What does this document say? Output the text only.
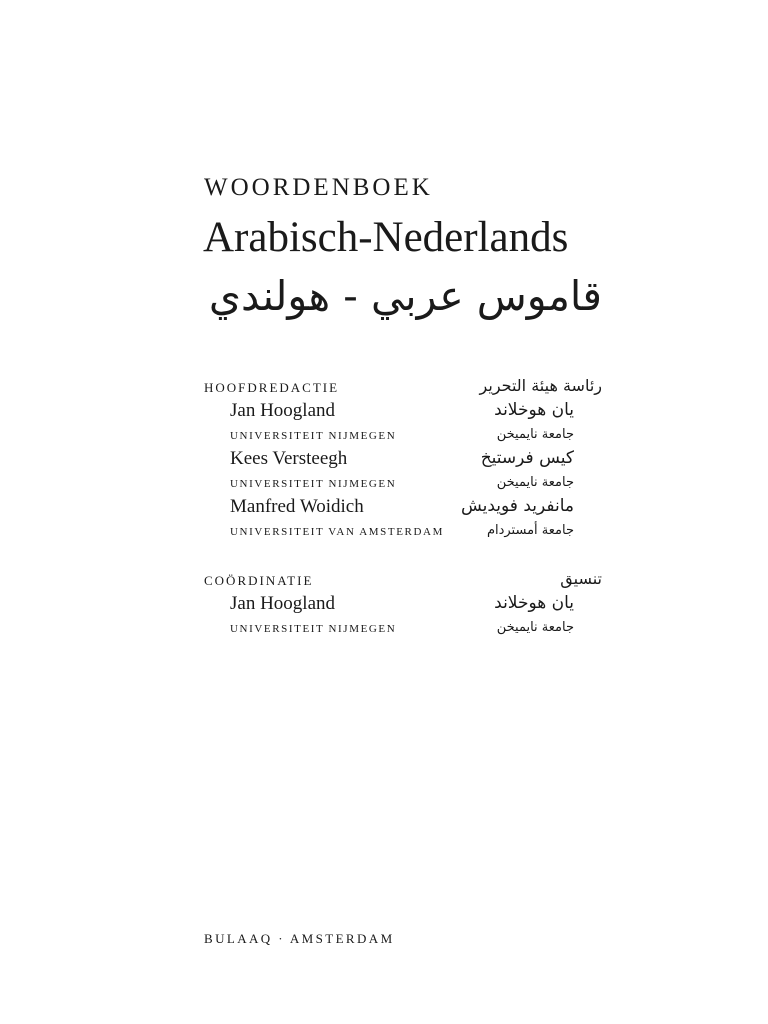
WOORDENBOEK
Arabisch-Nederlands
قاموس عربي - هولندي
HOOFDREDACTIE	رئاسة هيئة التحرير
Jan Hoogland	يان هوخلاند
UNIVERSITEIT NIJMEGEN	جامعة نايميخن
Kees Versteegh	كيس فرستيخ
UNIVERSITEIT NIJMEGEN	جامعة نايميخن
Manfred Woidich	مانفريد فويديش
UNIVERSITEIT VAN AMSTERDAM	جامعة أمستردام
COÖRDINATIE	تنسيق
Jan Hoogland	يان هوخلاند
UNIVERSITEIT NIJMEGEN	جامعة نايميخن
BULAAQ · AMSTERDAM
